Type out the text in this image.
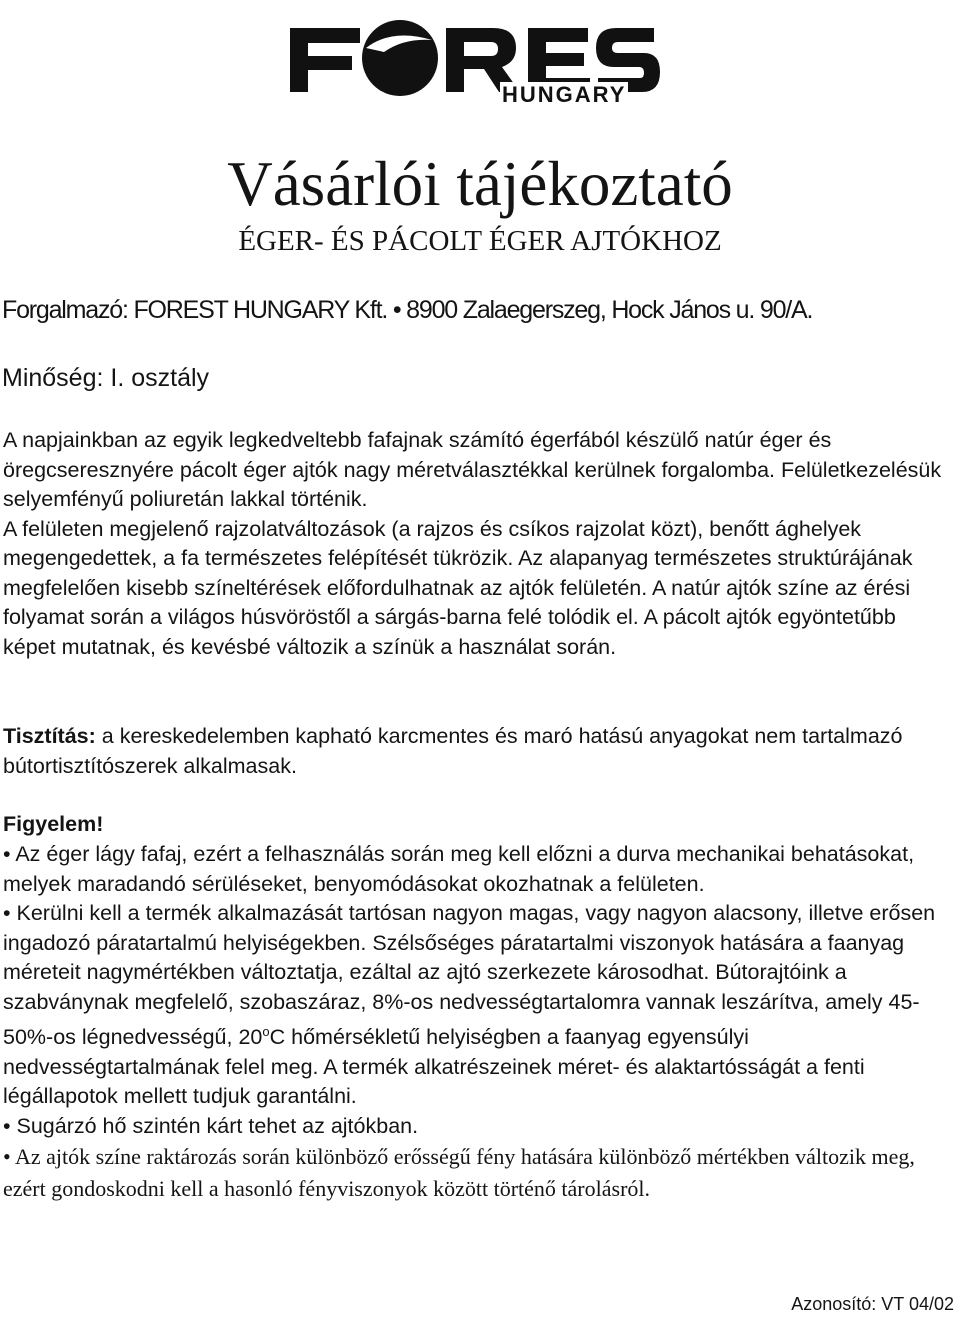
HUNGARY
Vásárlói tájékoztató
ÉGER- ÉS PÁCOLT ÉGER AJTÓKHOZ
Forgalmazó: FOREST HUNGARY Kft. • 8900 Zalaegerszeg, Hock János u. 90/A.
Minőség: I. osztály
A napjainkban az egyik legkedveltebb fafajnak számító égerfából készülő natúr éger és öregcseresznyére pácolt éger ajtók nagy méretválasztékkal kerülnek forgalomba. Felületkezelésük selyemfényű poliuretán lakkal történik.
A felületen megjelenő rajzolatváltozások (a rajzos és csíkos rajzolat közt), benőtt ághelyek megengedettek, a fa természetes felépítését tükrözik. Az alapanyag természetes struktúrájának megfelelően kisebb színeltérések előfordulhatnak az ajtók felületén. A natúr ajtók színe az érési folyamat során a világos húsvöröstől a sárgás-barna felé tolódik el. A pácolt ajtók egyöntetűbb képet mutatnak, és kevésbé változik a színük a használat során.
Tisztítás: a kereskedelemben kapható karcmentes és maró hatású anyagokat nem tartalmazó bútortisztítószerek alkalmasak.
Figyelem!

• Az éger lágy fafaj, ezért a felhasználás során meg kell előzni a durva mechanikai behatásokat, melyek maradandó sérüléseket, benyomódásokat okozhatnak a felületen.

• Kerülni kell a termék alkalmazását tartósan nagyon magas, vagy nagyon alacsony, illetve erősen ingadozó páratartalmú helyiségekben. Szélsőséges páratartalmi viszonyok hatására a faanyag méreteit nagymértékben változtatja, ezáltal az ajtó szerkezete károsodhat. Bútorajtóink a szabványnak megfelelő, szobaszáraz, 8%-os nedvességtartalomra vannak leszárítva, amely 45-50%-os légnedvességű, 20$^o$C hőmérsékletű helyiségben a faanyag egyensúlyi nedvességtartalmának felel meg. A termék alkatrészeinek méret- és alaktartósságát a fenti légállapotok mellett tudjuk garantálni.

• Sugárzó hő szintén kárt tehet az ajtókban.

• Az ajtók színe raktározás során különböző erősségű fény hatására különböző mértékben változik meg, ezért gondoskodni kell a hasonló fényviszonyok között történő tárolásról.

Azonosító: VT 04/02
